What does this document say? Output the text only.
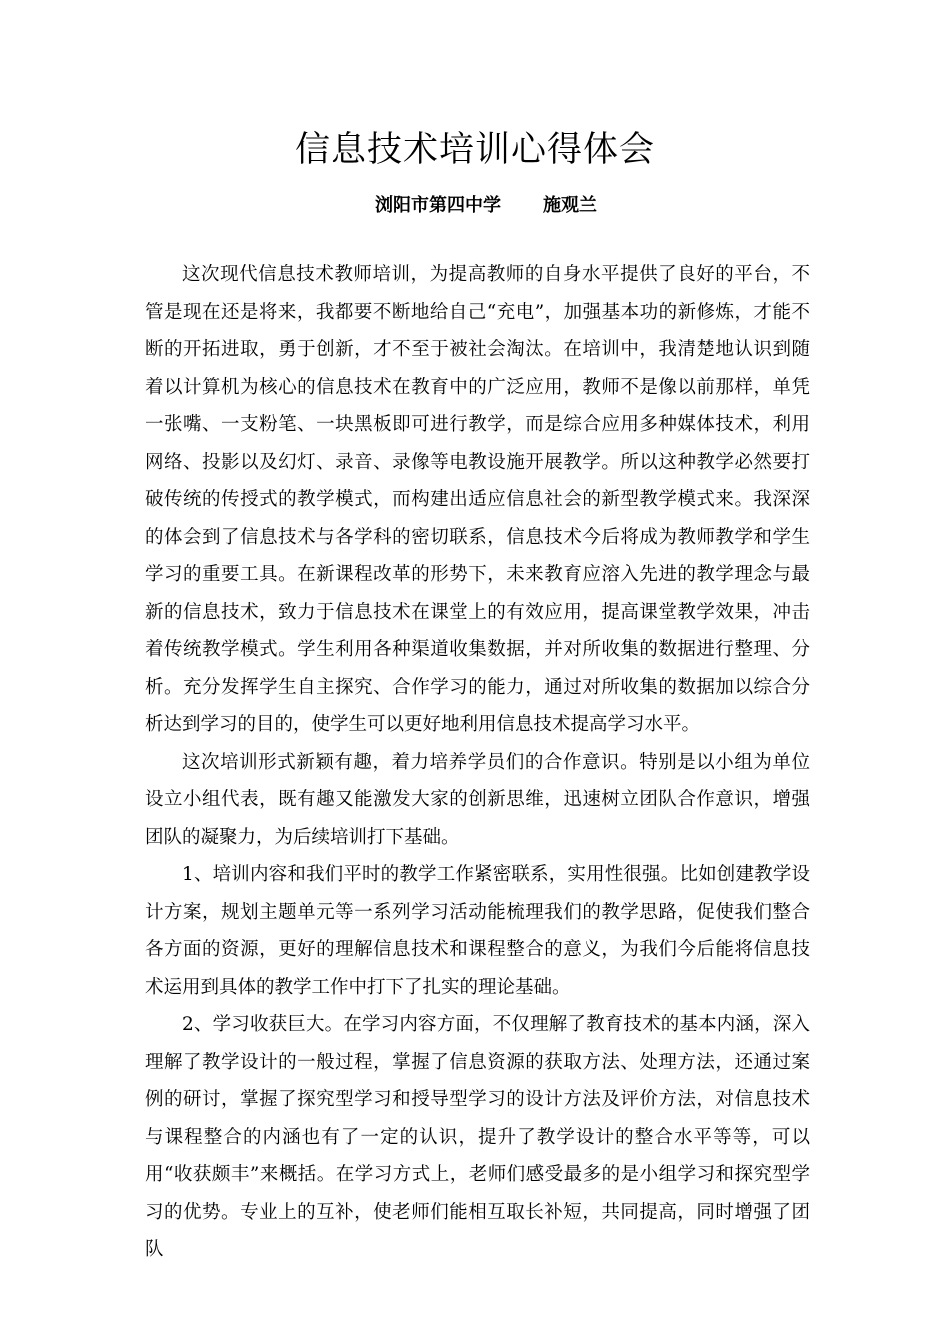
信息技术培训心得体会
浏阳市第四中学 施观兰

这次现代信息技术教师培训，为提高教师的自身水平提供了良好的平台，不管是现在还是将来，我都要不断地给自己“充电”，加强基本功的新修炼，才能不断的开拓进取，勇于创新，才不至于被社会淘汰。在培训中，我清楚地认识到随着以计算机为核心的信息技术在教育中的广泛应用，教师不是像以前那样，单凭一张嘴、一支粉笔、一块黑板即可进行教学，而是综合应用多种媒体技术，利用网络、投影以及幻灯、录音、录像等电教设施开展教学。所以这种教学必然要打破传统的传授式的教学模式，而构建出适应信息社会的新型教学模式来。我深深的体会到了信息技术与各学科的密切联系，信息技术今后将成为教师教学和学生学习的重要工具。在新课程改革的形势下，未来教育应溶入先进的教学理念与最新的信息技术，致力于信息技术在课堂上的有效应用，提高课堂教学效果，冲击着传统教学模式。学生利用各种渠道收集数据，并对所收集的数据进行整理、分析。充分发挥学生自主探究、合作学习的能力，通过对所收集的数据加以综合分析达到学习的目的，使学生可以更好地利用信息技术提高学习水平。

这次培训形式新颖有趣，着力培养学员们的合作意识。特别是以小组为单位设立小组代表，既有趣又能激发大家的创新思维，迅速树立团队合作意识，增强团队的凝聚力，为后续培训打下基础。

1、培训内容和我们平时的教学工作紧密联系，实用性很强。比如创建教学设计方案，规划主题单元等一系列学习活动能梳理我们的教学思路，促使我们整合各方面的资源，更好的理解信息技术和课程整合的意义，为我们今后能将信息技术运用到具体的教学工作中打下了扎实的理论基础。

2、学习收获巨大。在学习内容方面，不仅理解了教育技术的基本内涵，深入理解了教学设计的一般过程，掌握了信息资源的获取方法、处理方法，还通过案例的研讨，掌握了探究型学习和授导型学习的设计方法及评价方法，对信息技术与课程整合的内涵也有了一定的认识，提升了教学设计的整合水平等等，可以用“收获颇丰”来概括。在学习方式上，老师们感受最多的是小组学习和探究型学习的优势。专业上的互补，使老师们能相互取长补短，共同提高，同时增强了团队
